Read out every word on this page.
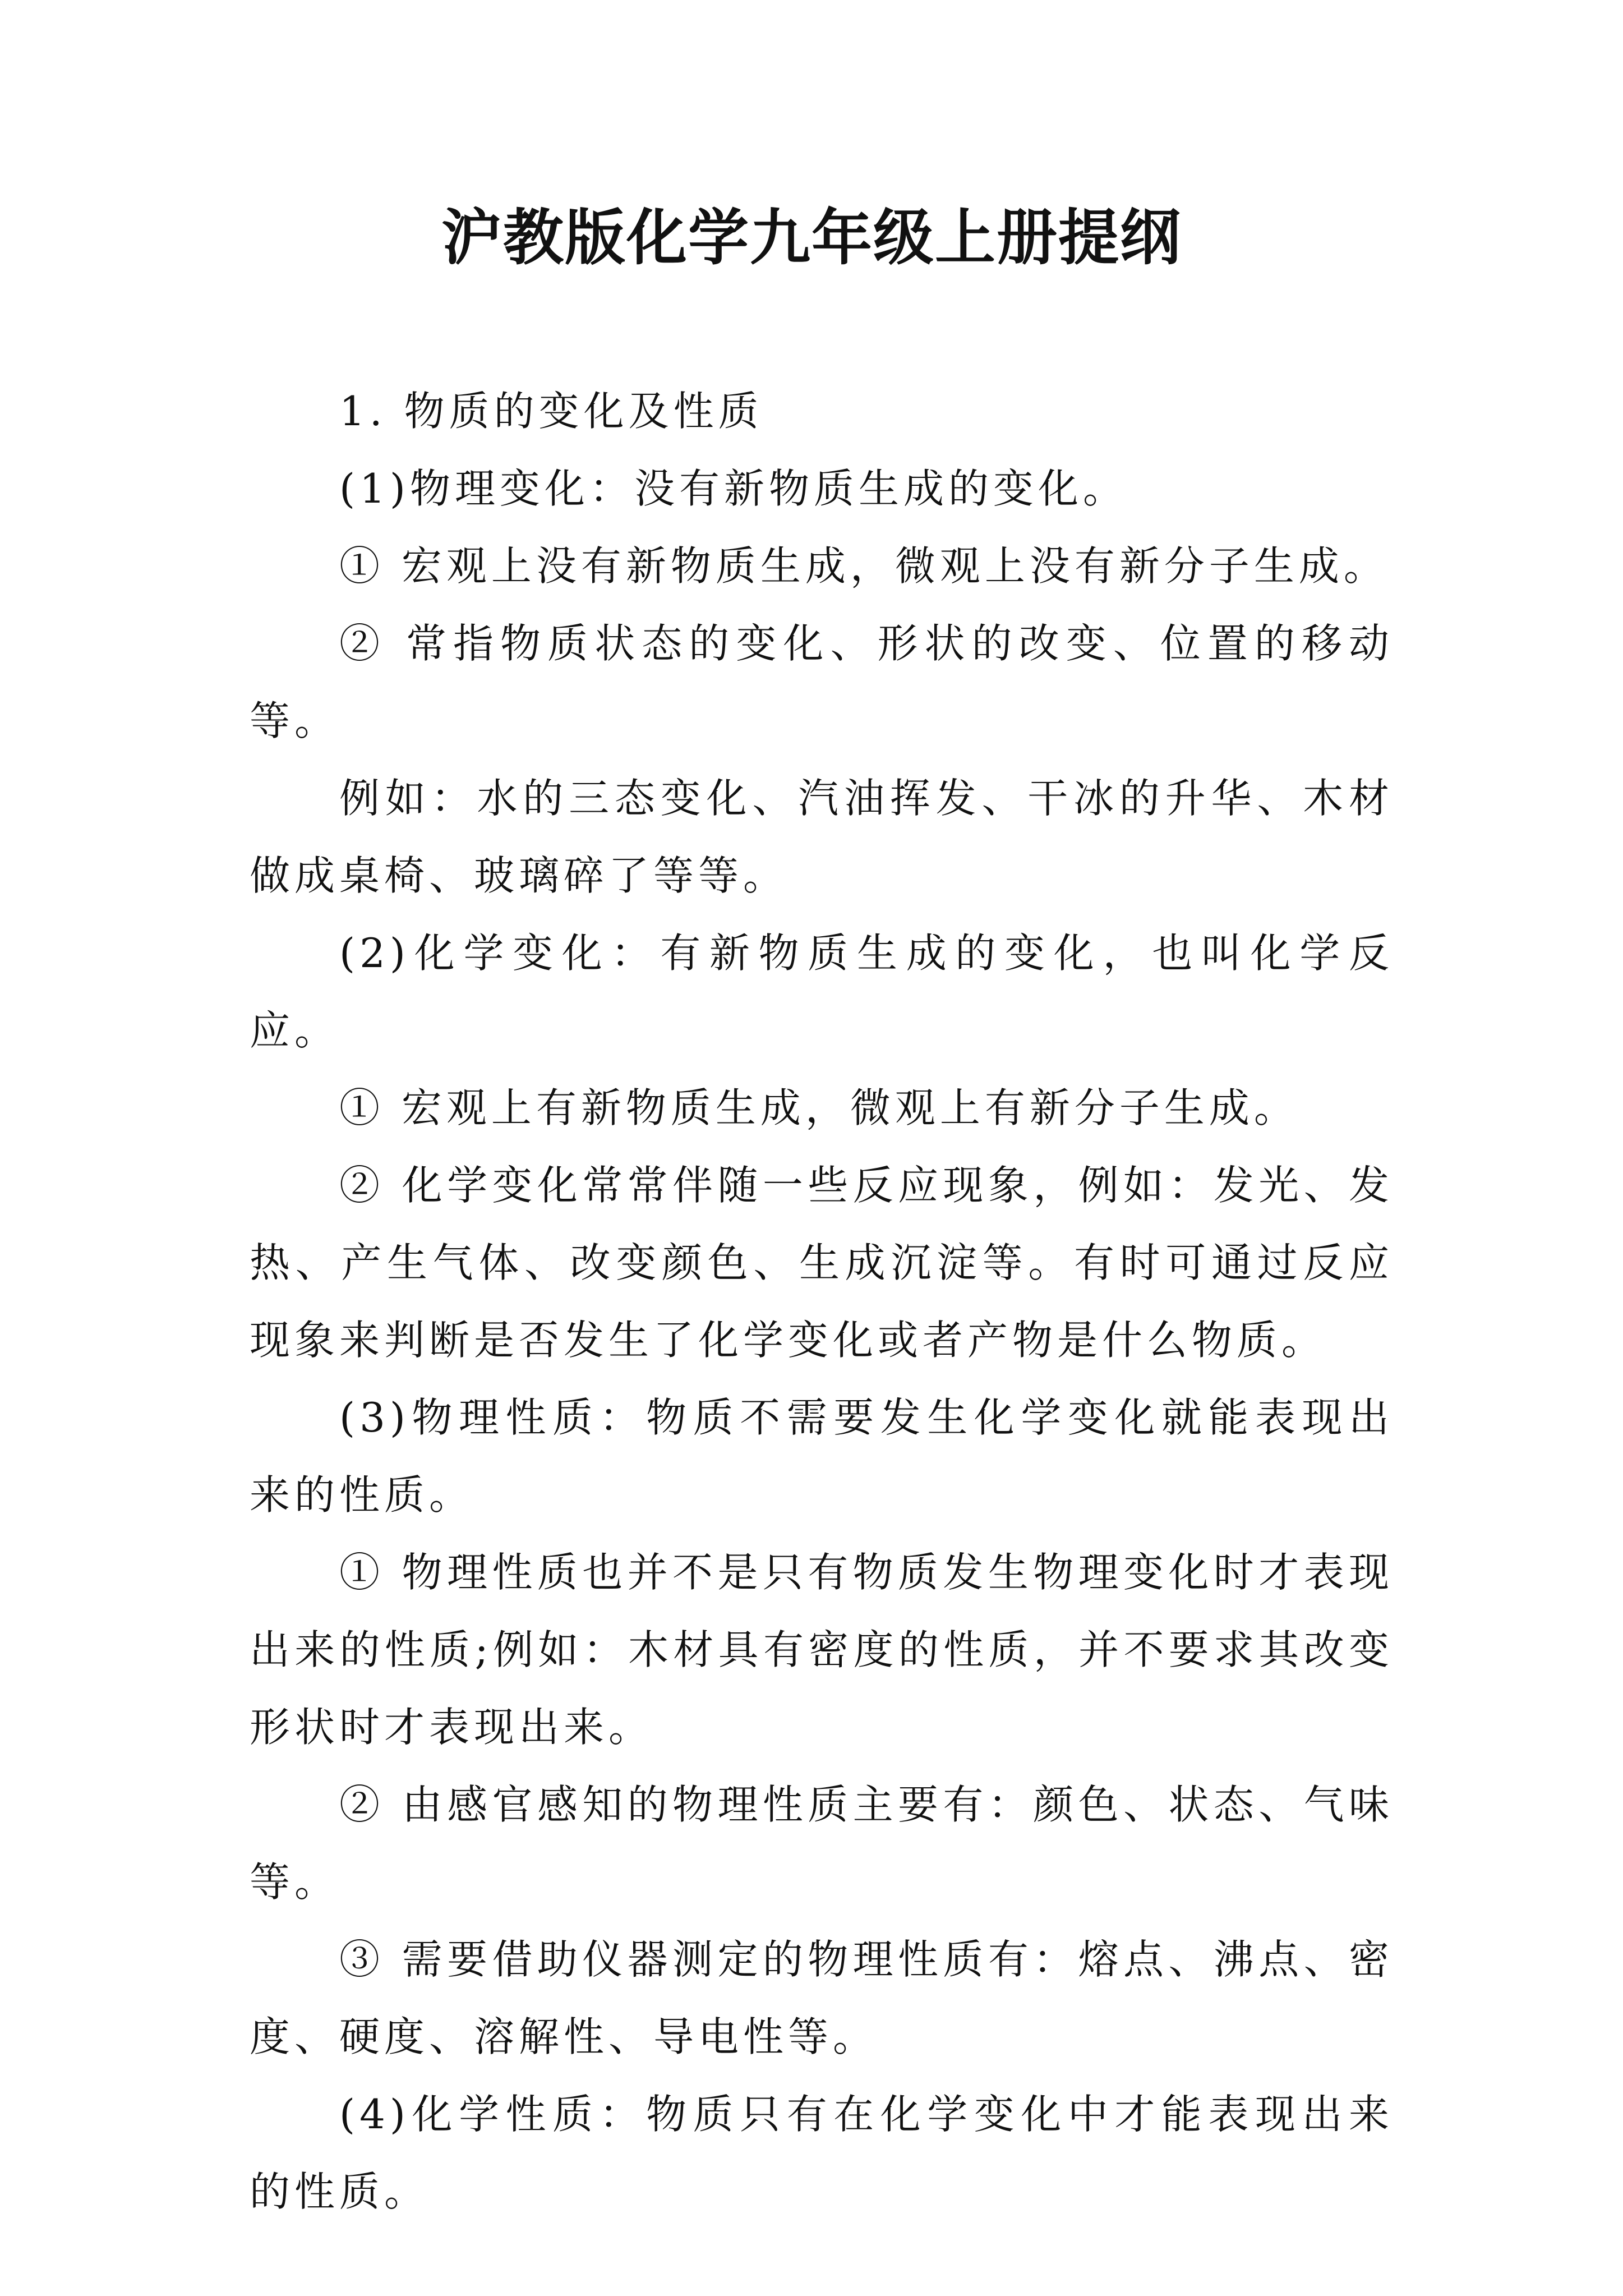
沪教版化学九年级上册提纲

1. 物质的变化及性质

(1)物理变化：没有新物质生成的变化。

① 宏观上没有新物质生成，微观上没有新分子生成。

② 常指物质状态的变化、形状的改变、位置的移动等。

例如：水的三态变化、汽油挥发、干冰的升华、木材做成桌椅、玻璃碎了等等。

(2)化学变化：有新物质生成的变化，也叫化学反应。

① 宏观上有新物质生成，微观上有新分子生成。

② 化学变化常常伴随一些反应现象，例如：发光、发热、产生气体、改变颜色、生成沉淀等。有时可通过反应现象来判断是否发生了化学变化或者产物是什么物质。

(3)物理性质：物质不需要发生化学变化就能表现出来的性质。

① 物理性质也并不是只有物质发生物理变化时才表现出来的性质;例如：木材具有密度的性质，并不要求其改变形状时才表现出来。

② 由感官感知的物理性质主要有：颜色、状态、气味等。

③ 需要借助仪器测定的物理性质有：熔点、沸点、密度、硬度、溶解性、导电性等。

(4)化学性质：物质只有在化学变化中才能表现出来的性质。
